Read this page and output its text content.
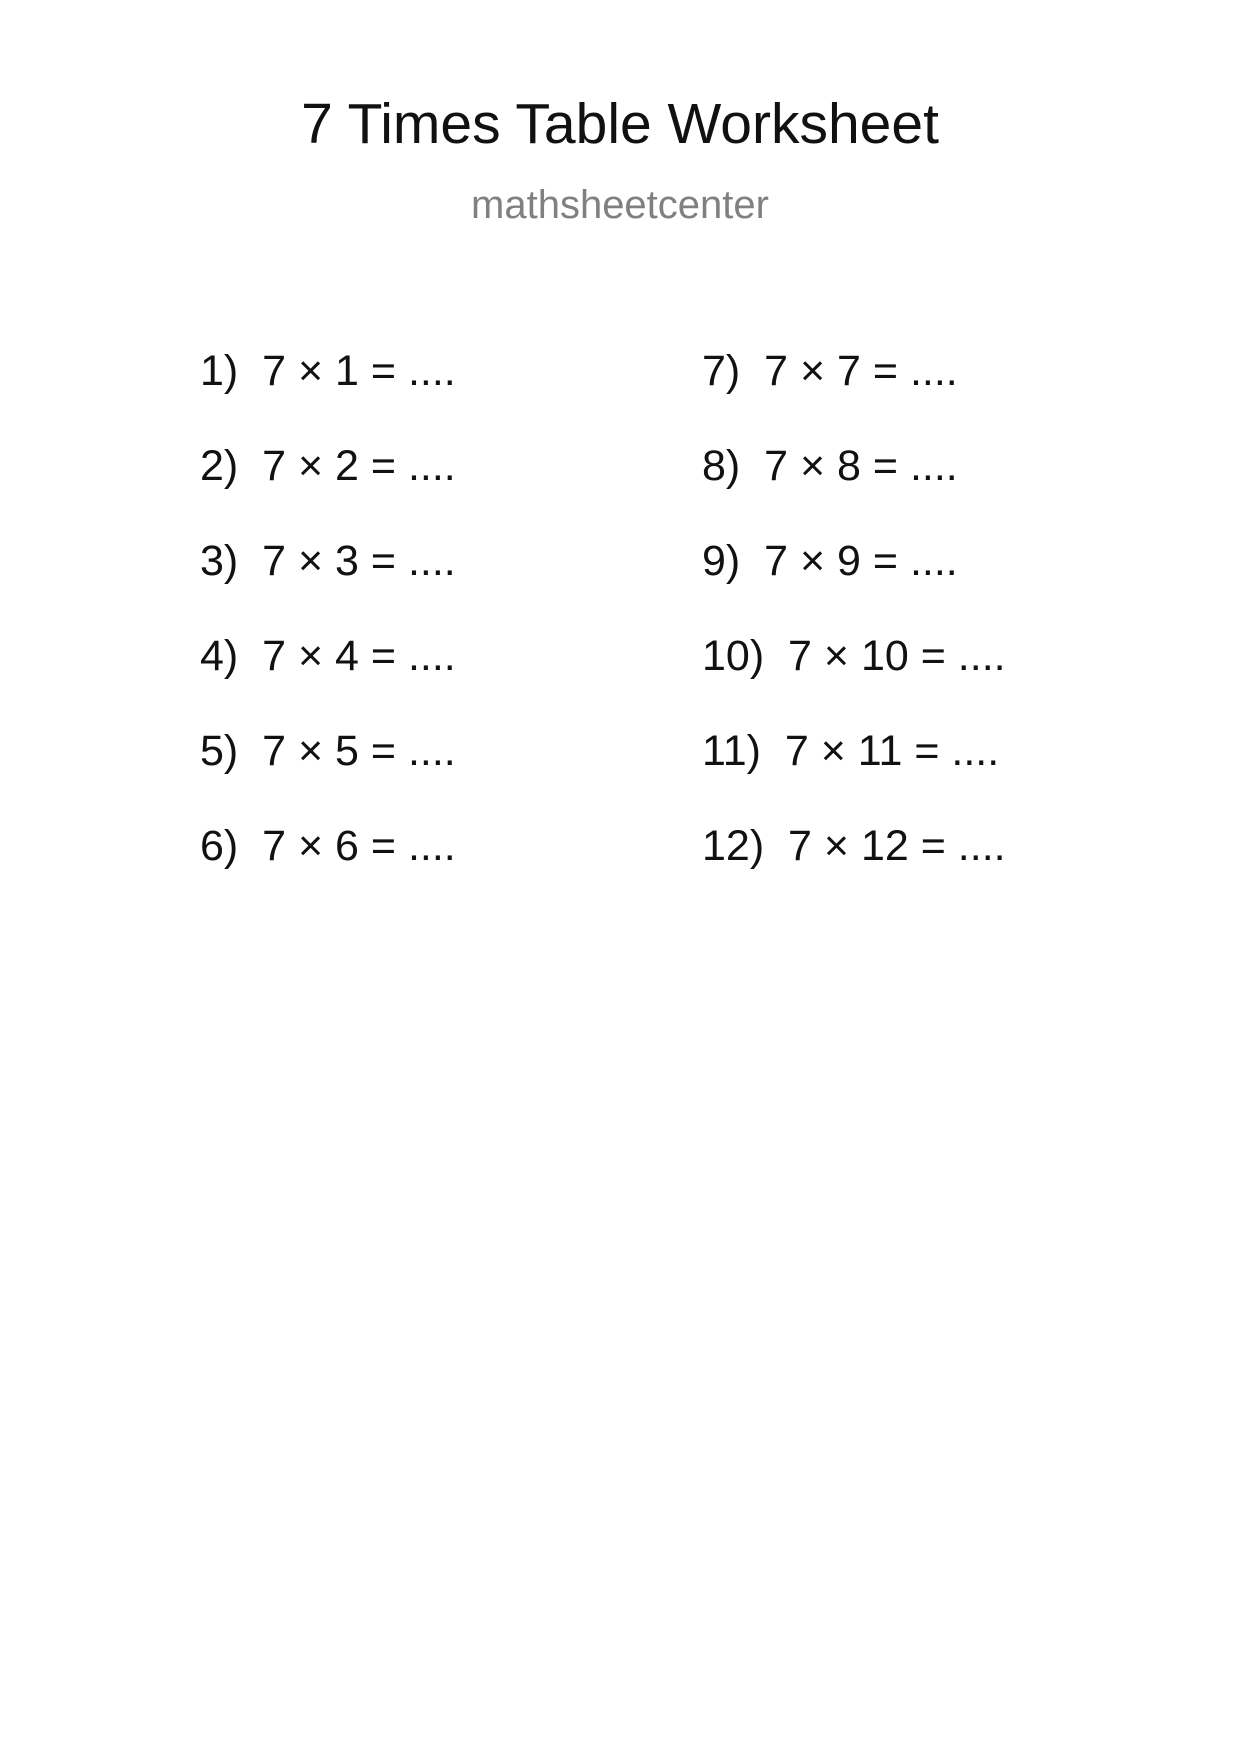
7 Times Table Worksheet
mathsheetcenter
1)  7 × 1 = ....
2)  7 × 2 = ....
3)  7 × 3 = ....
4)  7 × 4 = ....
5)  7 × 5 = ....
6)  7 × 6 = ....
7)  7 × 7 = ....
8)  7 × 8 = ....
9)  7 × 9 = ....
10)  7 × 10 = ....
11)  7 × 11 = ....
12)  7 × 12 = ....
